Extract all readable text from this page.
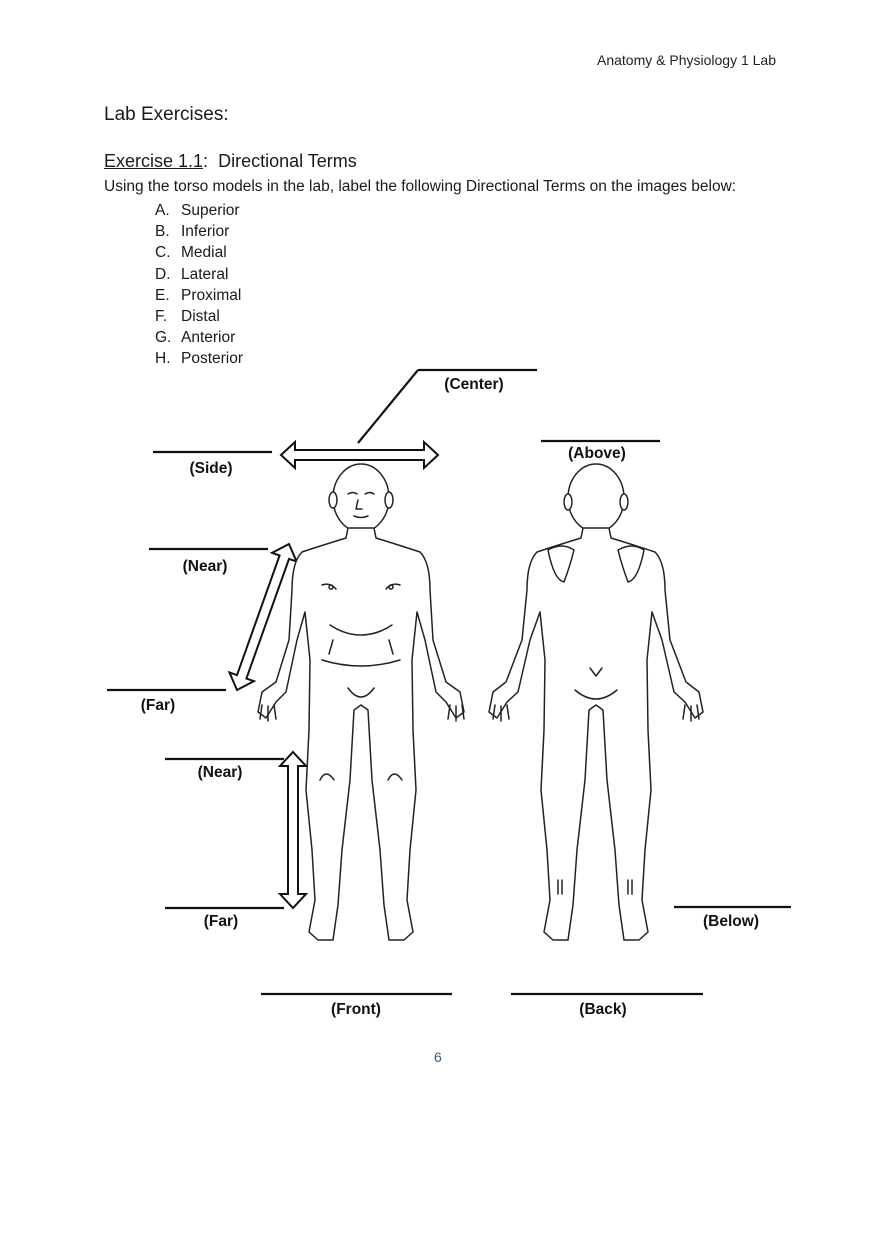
Anatomy & Physiology 1 Lab
Lab Exercises:
Exercise 1.1: Directional Terms
Using the torso models in the lab, label the following Directional Terms on the images below:
A. Superior
B. Inferior
C. Medial
D. Lateral
E. Proximal
F. Distal
G. Anterior
H. Posterior
(Center)
(Side)
(Above)
(Near)
(Far)
(Near)
(Far)	(Below)
(Front)	(Back)
6
